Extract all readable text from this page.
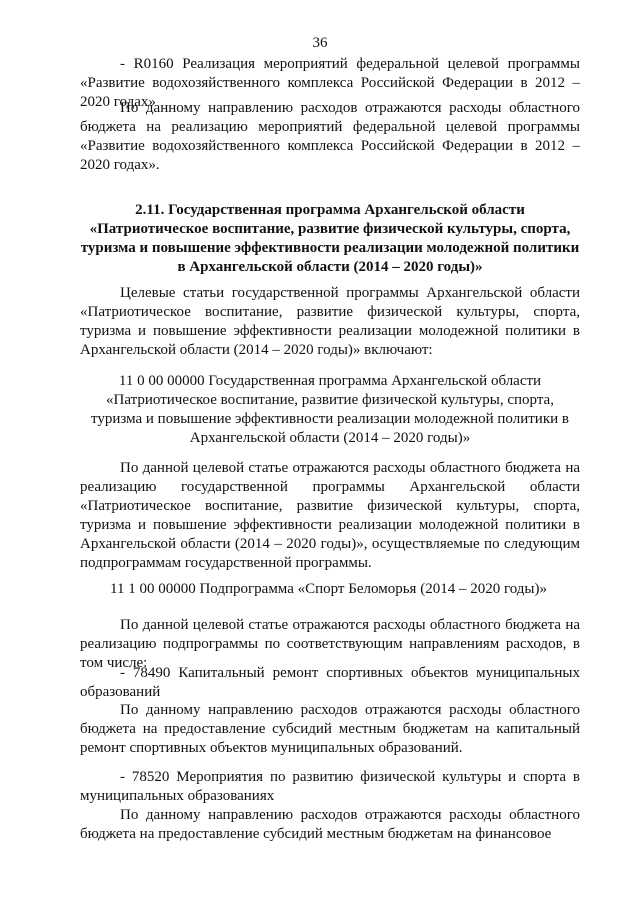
36

- R0160 Реализация мероприятий федеральной целевой программы «Развитие водохозяйственного комплекса Российской Федерации в 2012 – 2020 годах»

По данному направлению расходов отражаются расходы областного бюджета на реализацию мероприятий федеральной целевой программы «Развитие водохозяйственного комплекса Российской Федерации в 2012 – 2020 годах».

2.11. Государственная программа Архангельской области «Патриотическое воспитание, развитие физической культуры, спорта, туризма и повышение эффективности реализации молодежной политики в Архангельской области (2014 – 2020 годы)»

Целевые статьи государственной программы Архангельской области «Патриотическое воспитание, развитие физической культуры, спорта, туризма и повышение эффективности реализации молодежной политики в Архангельской области (2014 – 2020 годы)» включают:

11 0 00 00000 Государственная программа Архангельской области «Патриотическое воспитание, развитие физической культуры, спорта, туризма и повышение эффективности реализации молодежной политики в Архангельской области (2014 – 2020 годы)»

По данной целевой статье отражаются расходы областного бюджета на реализацию государственной программы Архангельской области «Патриотическое воспитание, развитие физической культуры, спорта, туризма и повышение эффективности реализации молодежной политики в Архангельской области (2014 – 2020 годы)», осуществляемые по следующим подпрограммам государственной программы.

11 1 00 00000 Подпрограмма «Спорт Беломорья (2014 – 2020 годы)»

По данной целевой статье отражаются расходы областного бюджета на реализацию подпрограммы по соответствующим направлениям расходов, в том числе:

- 78490 Капитальный ремонт спортивных объектов муниципальных образований

По данному направлению расходов отражаются расходы областного бюджета на предоставление субсидий местным бюджетам на капитальный ремонт спортивных объектов муниципальных образований.

- 78520 Мероприятия по развитию физической культуры и спорта в муниципальных образованиях

По данному направлению расходов отражаются расходы областного бюджета на предоставление субсидий местным бюджетам на финансовое
